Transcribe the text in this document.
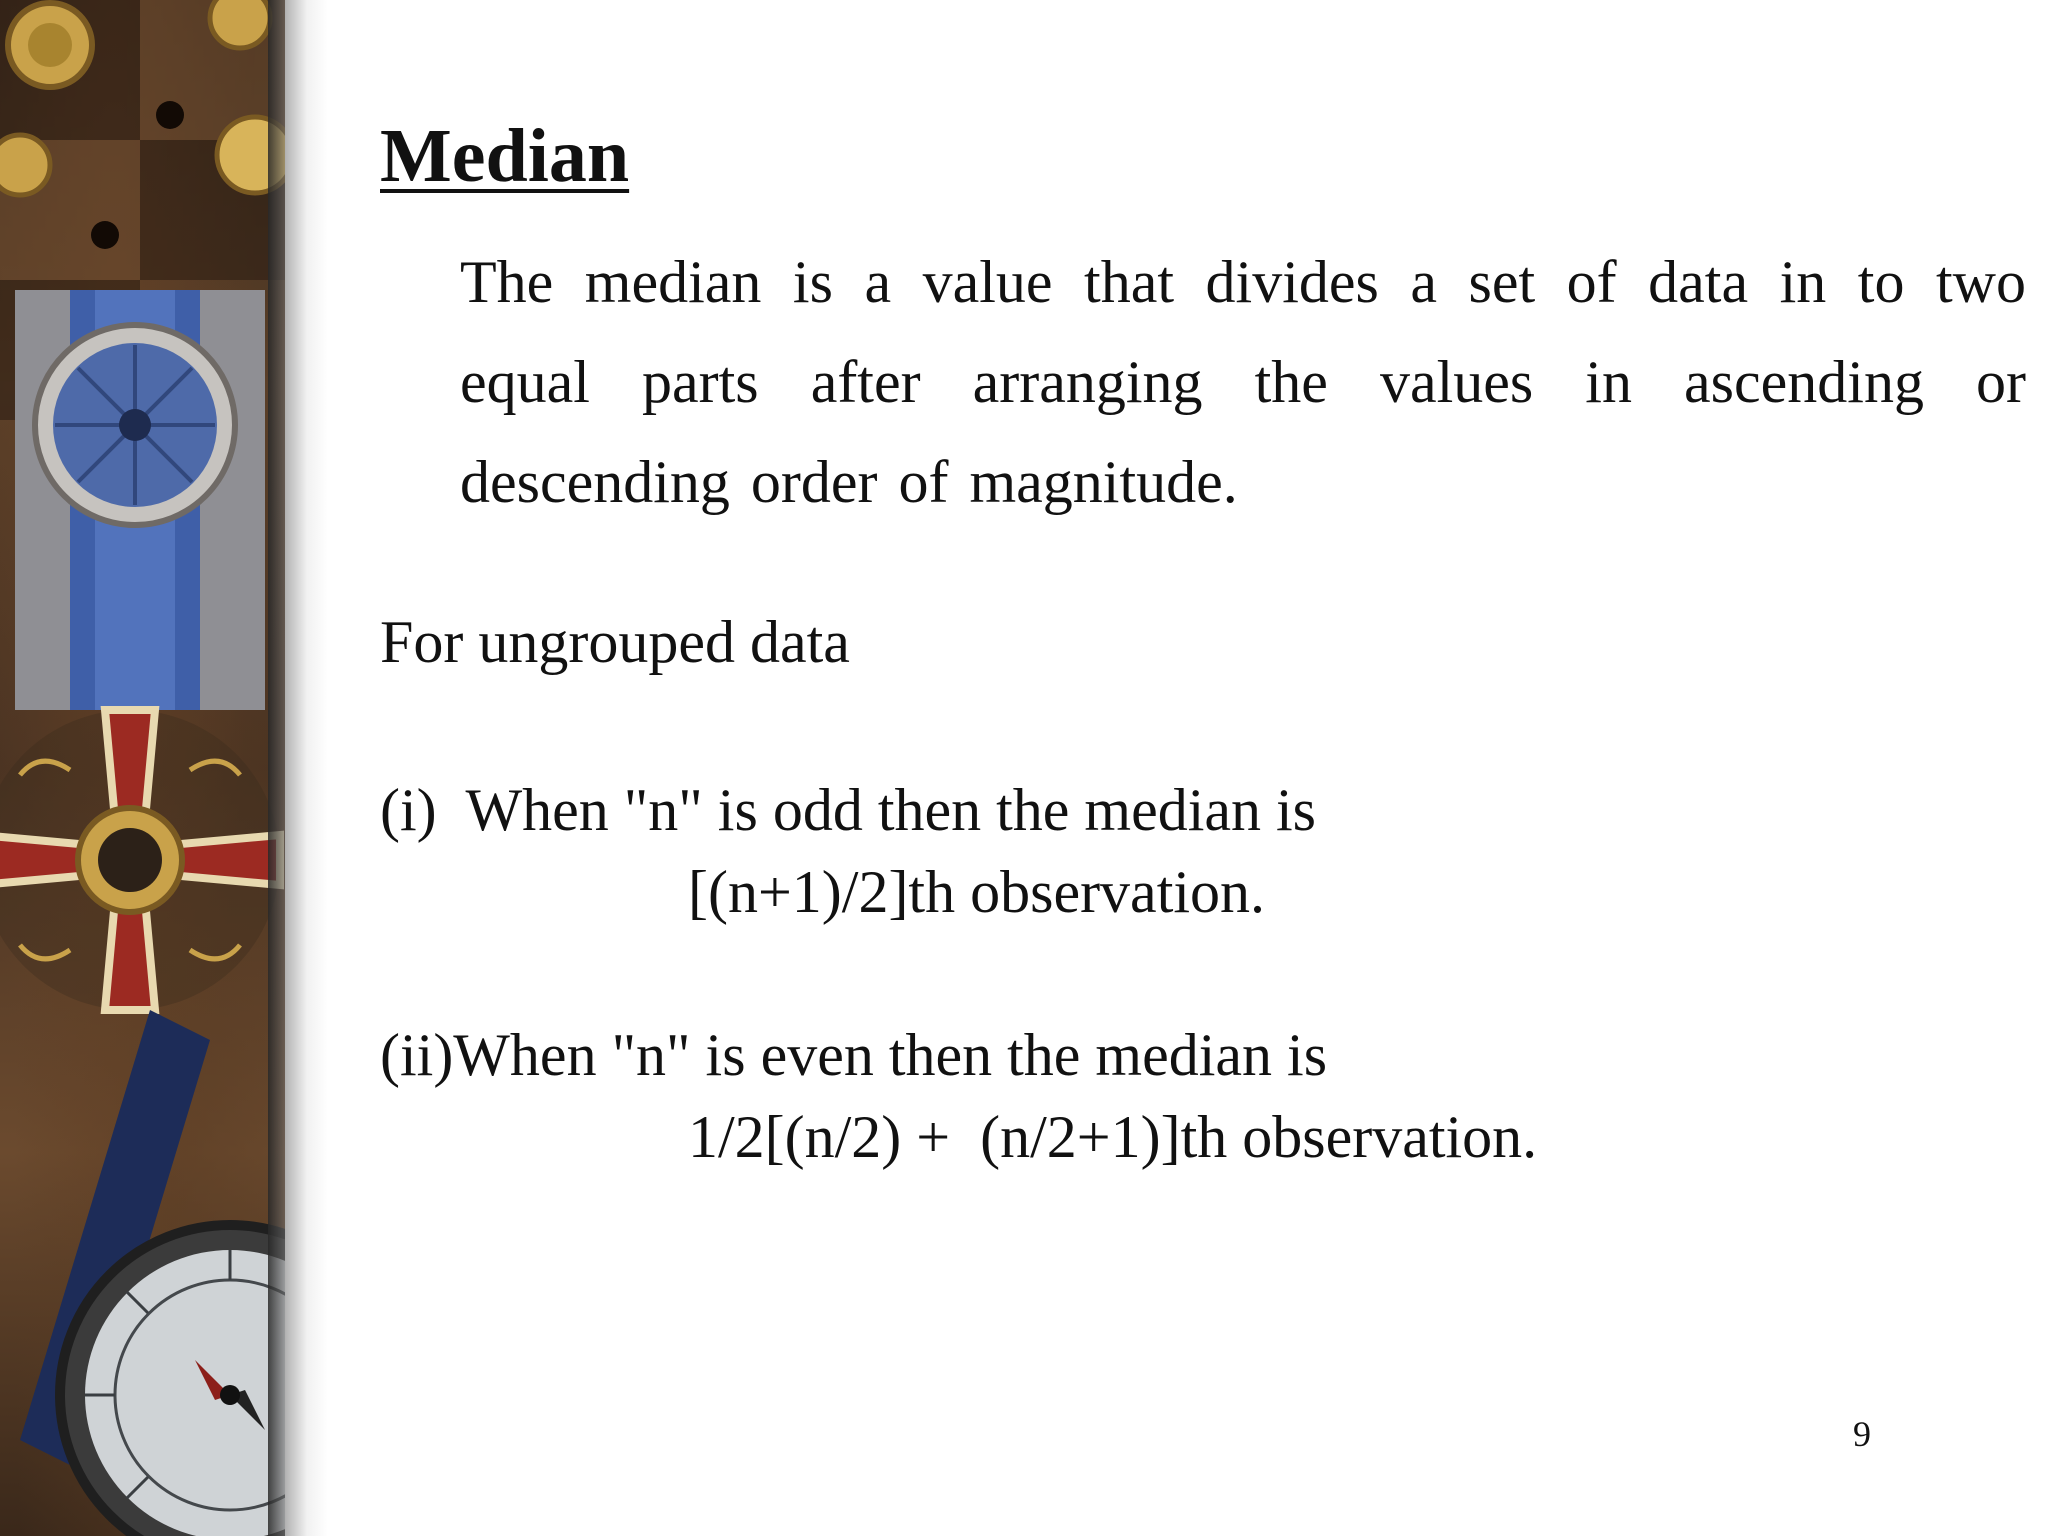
Median
The median is a value that divides a set of data in to two equal parts after arranging the values in ascending or descending order of magnitude.
For ungrouped data
(i)  When "n" is odd then the median is
[(n+1)/2]th observation.
(ii)When "n" is even then the median is
1/2[(n/2) +  (n/2+1)]th observation.
9
